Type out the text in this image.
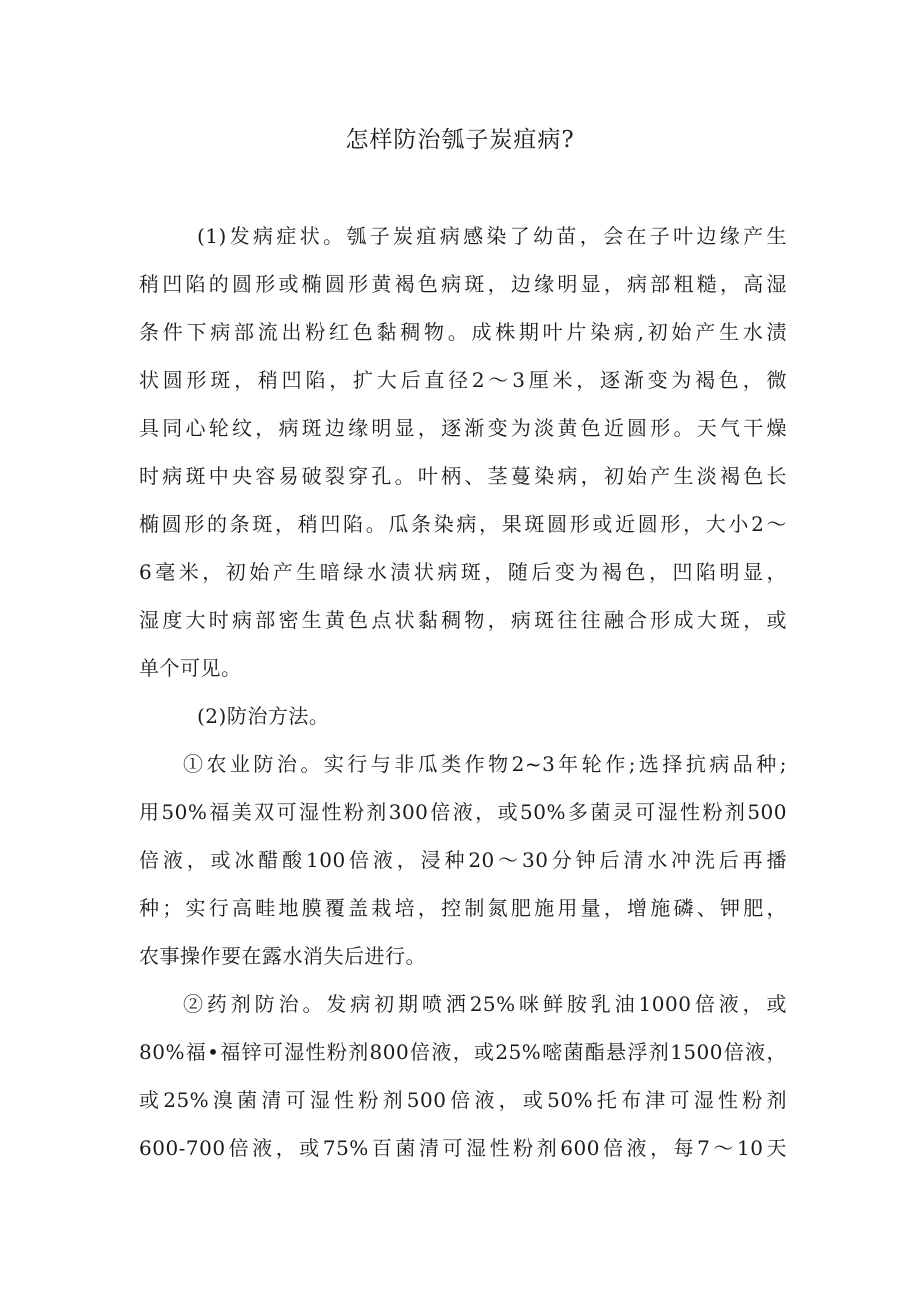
怎样防治瓠子炭疽病?
(1)发病症状。瓠子炭疽病感染了幼苗，会在子叶边缘产生
稍凹陷的圆形或椭圆形黄褐色病斑，边缘明显，病部粗糙，高湿
条件下病部流出粉红色黏稠物。成株期叶片染病,初始产生水渍
状圆形斑，稍凹陷，扩大后直径2～3厘米，逐渐变为褐色，微
具同心轮纹，病斑边缘明显，逐渐变为淡黄色近圆形。天气干燥
时病斑中央容易破裂穿孔。叶柄、茎蔓染病，初始产生淡褐色长
椭圆形的条斑，稍凹陷。瓜条染病，果斑圆形或近圆形，大小2～
6毫米，初始产生暗绿水渍状病斑，随后变为褐色，凹陷明显，
湿度大时病部密生黄色点状黏稠物，病斑往往融合形成大斑，或
单个可见。
(2)防治方法。
①农业防治。实行与非瓜类作物2~3年轮作;选择抗病品种;
用50%福美双可湿性粉剂300倍液，或50%多菌灵可湿性粉剂500
倍液，或冰醋酸100倍液，浸种20～30分钟后清水冲洗后再播
种；实行高畦地膜覆盖栽培，控制氮肥施用量，增施磷、钾肥，
农事操作要在露水消失后进行。
②药剂防治。发病初期喷洒25%咪鲜胺乳油1000倍液，或
80%福•福锌可湿性粉剂800倍液，或25%嘧菌酯悬浮剂1500倍液，
或25%溴菌清可湿性粉剂500倍液，或50%托布津可湿性粉剂
600-700倍液，或75%百菌清可湿性粉剂600倍液，每7～10天
